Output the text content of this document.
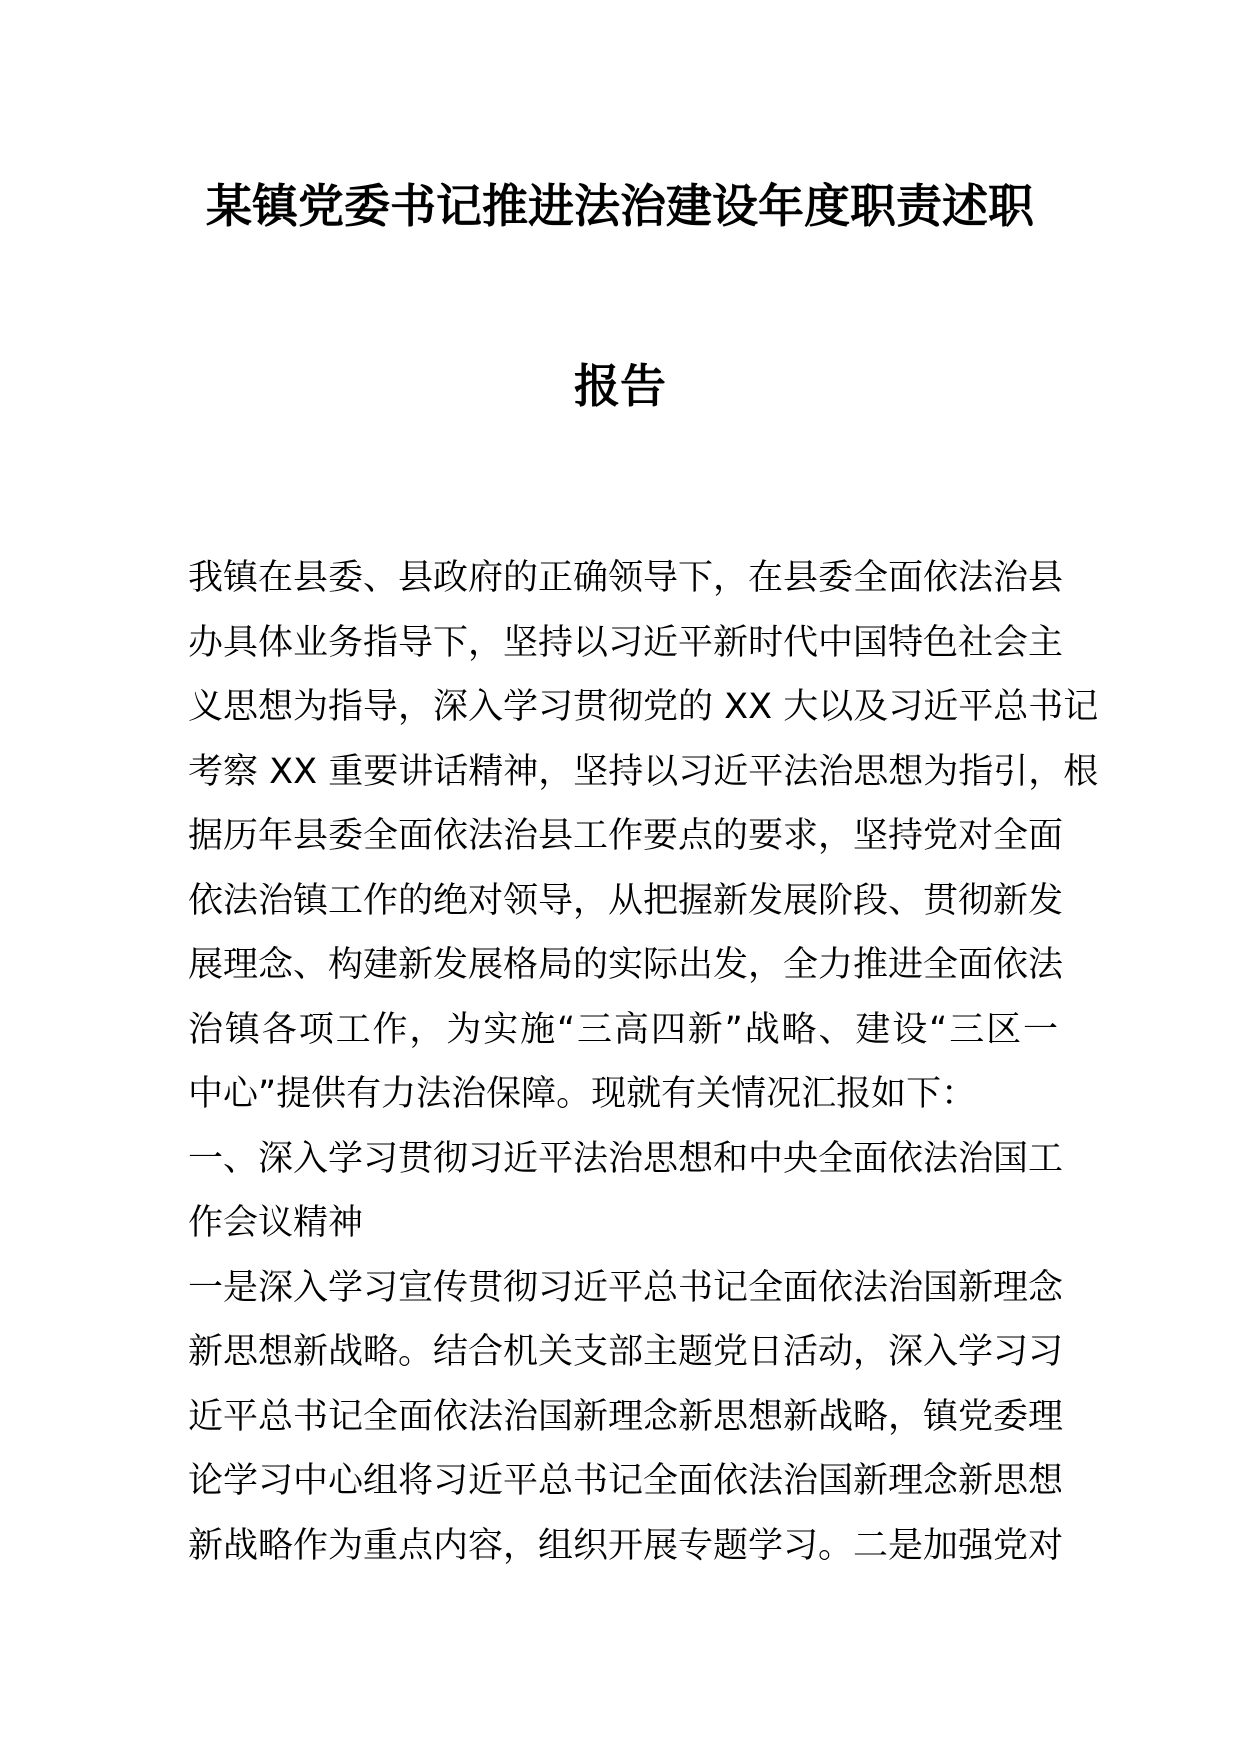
某镇党委书记推进法治建设年度职责述职
报告
我镇在县委、县政府的正确领导下，在县委全面依法治县
办具体业务指导下，坚持以习近平新时代中国特色社会主
义思想为指导，深入学习贯彻党的 XX 大以及习近平总书记
考察 XX 重要讲话精神，坚持以习近平法治思想为指引，根
据历年县委全面依法治县工作要点的要求，坚持党对全面
依法治镇工作的绝对领导，从把握新发展阶段、贯彻新发
展理念、构建新发展格局的实际出发，全力推进全面依法
治镇各项工作，为实施“三高四新”战略、建设“三区一
中心”提供有力法治保障。现就有关情况汇报如下：
一、深入学习贯彻习近平法治思想和中央全面依法治国工
作会议精神
一是深入学习宣传贯彻习近平总书记全面依法治国新理念
新思想新战略。结合机关支部主题党日活动，深入学习习
近平总书记全面依法治国新理念新思想新战略，镇党委理
论学习中心组将习近平总书记全面依法治国新理念新思想
新战略作为重点内容，组织开展专题学习。二是加强党对
